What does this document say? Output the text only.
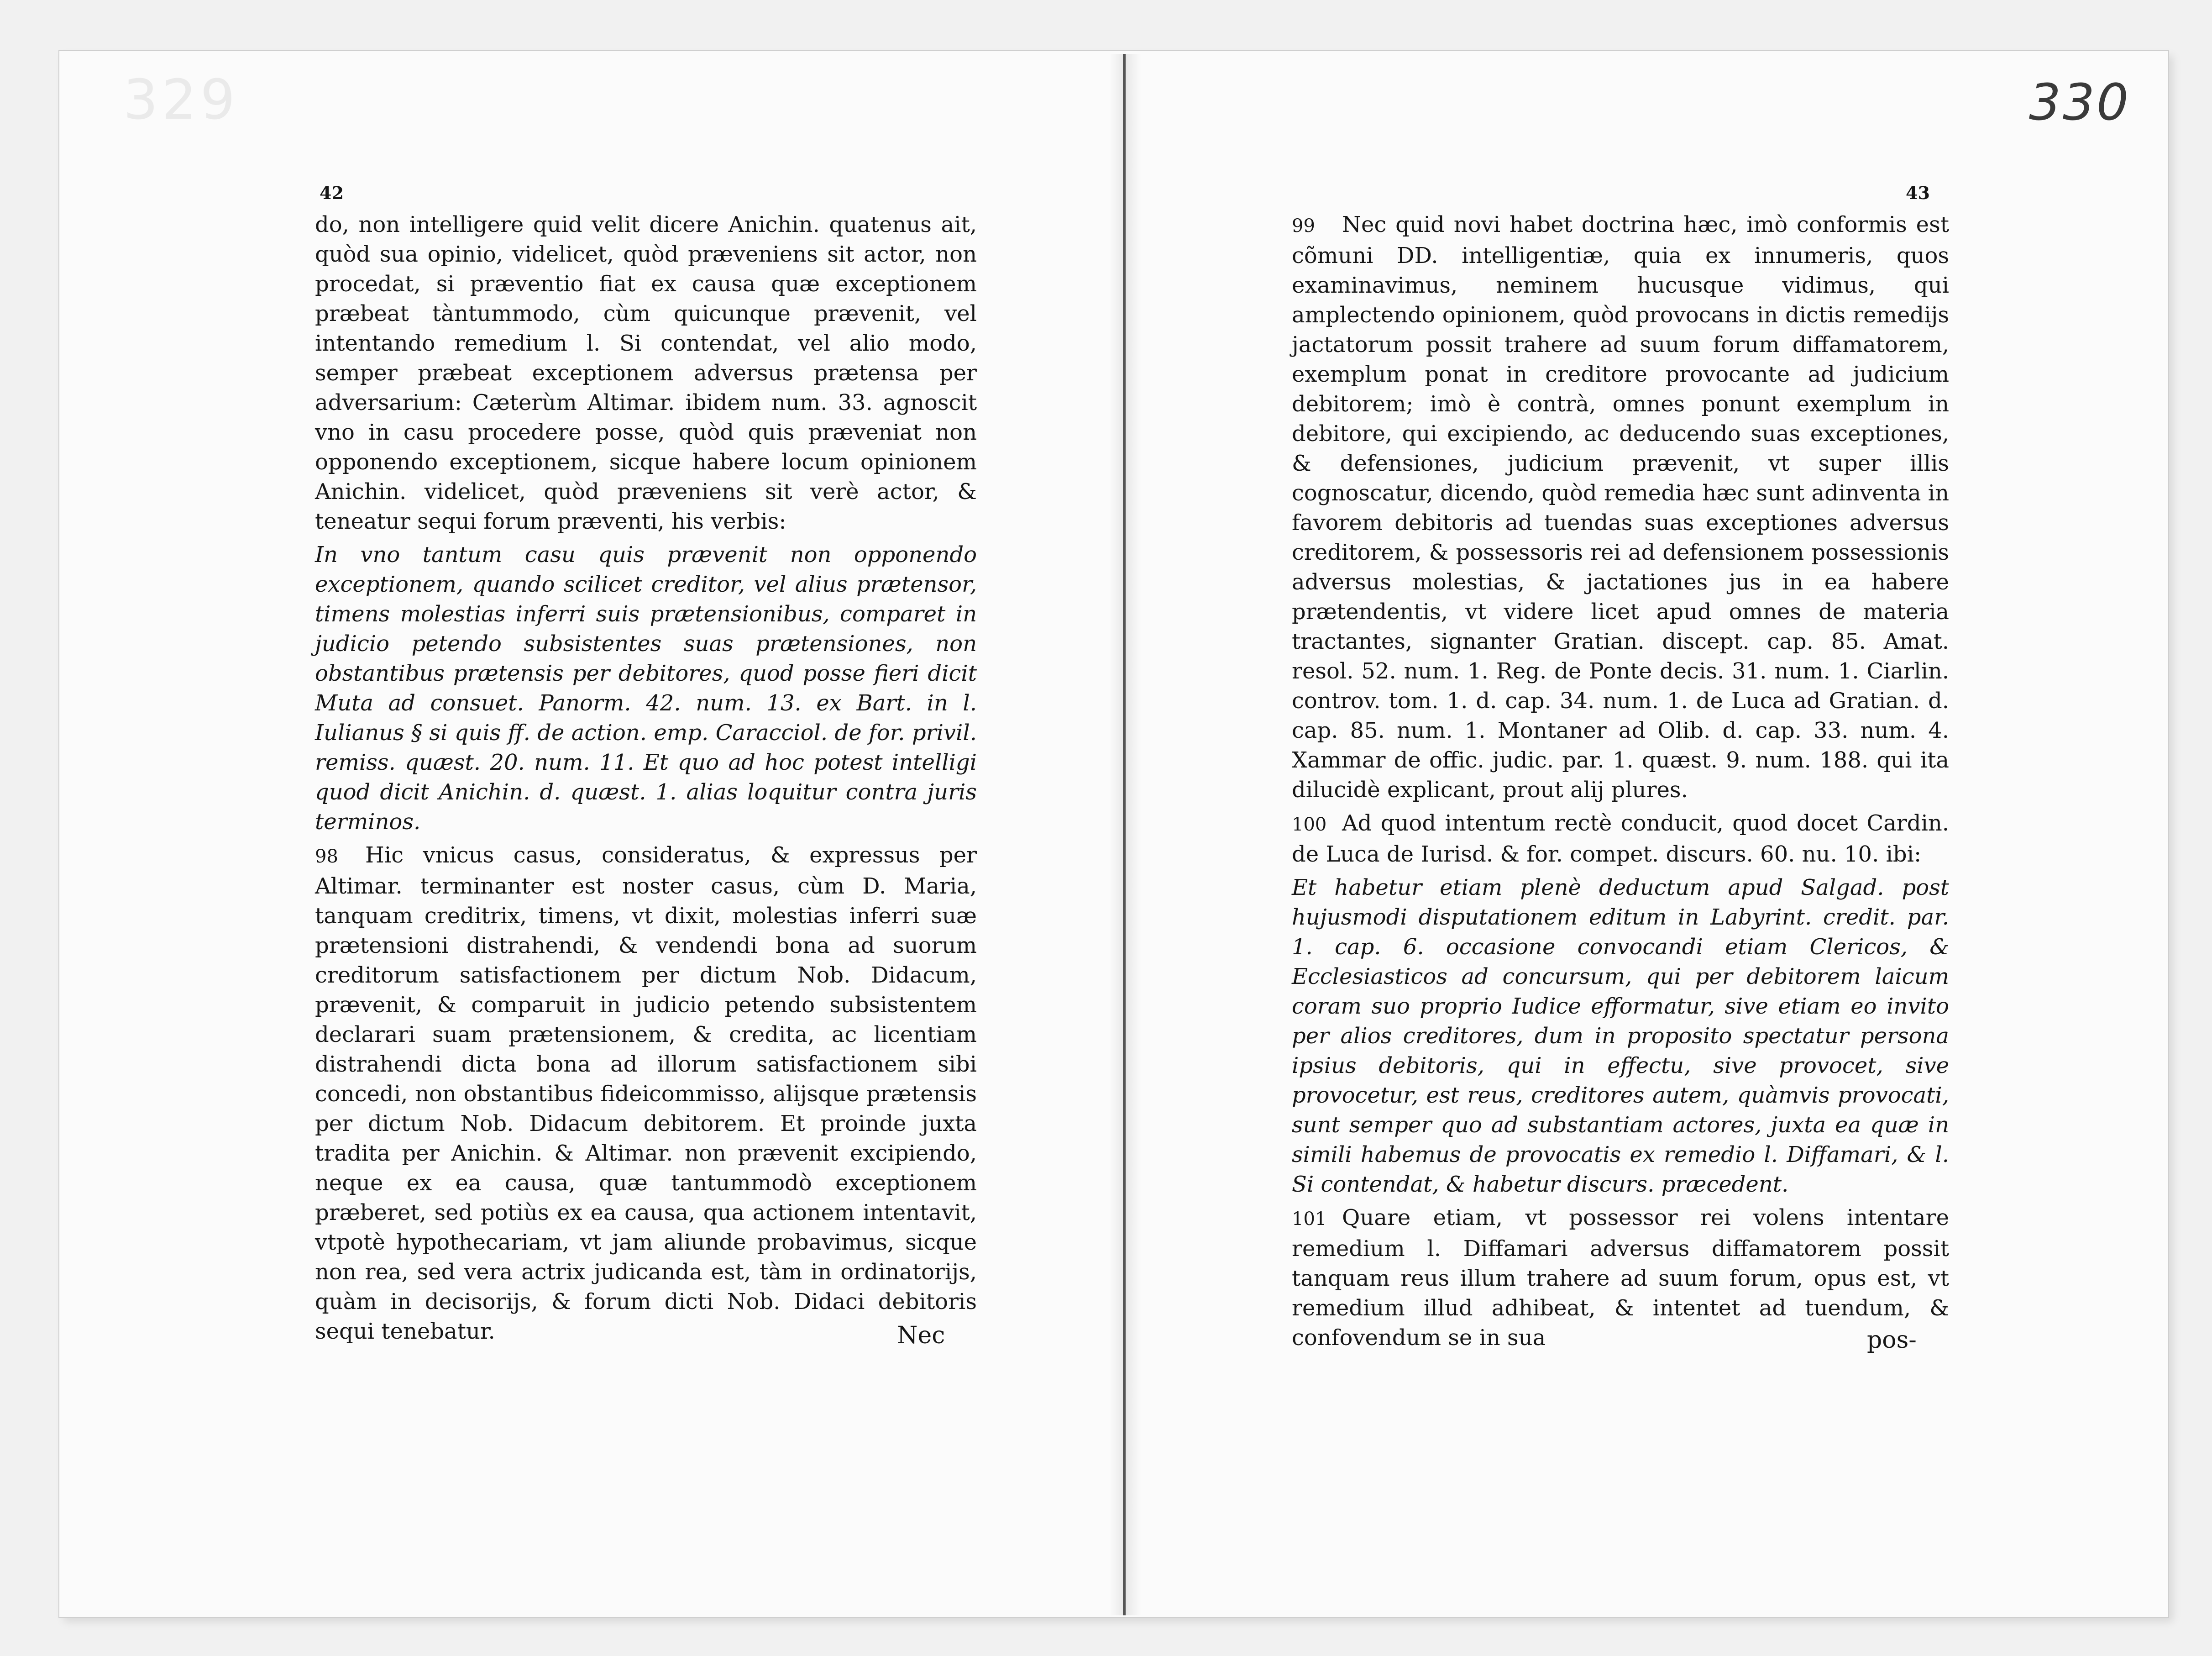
329	330
42	43

do, non intelligere quid velit dicere Anichin. quatenus ait, quòd sua opinio, videlicet, quòd præveniens sit actor, non procedat, si præventio fiat ex causa quæ exceptionem præbeat tàntummodo, cùm quicunque prævenit, vel intentando remedium l. Si contendat, vel alio modo, semper præbeat exceptionem adversus prætensa per adversarium: Cæterùm Altimar. ibidem num. 33. agnoscit vno in casu procedere posse, quòd quis præveniat non opponendo exceptionem, sicque habere locum opinionem Anichin. videlicet, quòd præveniens sit verè actor, & teneatur sequi forum præventi, his verbis:

In vno tantum casu quis prævenit non opponendo exceptionem, quando scilicet creditor, vel alius prætensor, timens molestias inferri suis prætensionibus, comparet in judicio petendo subsistentes suas prætensiones, non obstantibus prætensis per debitores, quod posse fieri dicit Muta ad consuet. Panorm. 42. num. 13. ex Bart. in l. Iulianus § si quis ff. de action. emp. Caracciol. de for. privil. remiss. quæst. 20. num. 11. Et quo ad hoc potest intelligi quod dicit Anichin. d. quæst. 1. alias loquitur contra juris terminos.

98 Hic vnicus casus, consideratus, & expressus per Altimar. terminanter est noster casus, cùm D. Maria, tanquam creditrix, timens, vt dixit, molestias inferri suæ prætensioni distrahendi, & vendendi bona ad suorum creditorum satisfactionem per dictum Nob. Didacum, prævenit, & comparuit in judicio petendo subsistentem declarari suam prætensionem, & credita, ac licentiam distrahendi dicta bona ad illorum satisfactionem sibi concedi, non obstantibus fideicommisso, alijsque prætensis per dictum Nob. Didacum debitorem. Et proinde juxta tradita per Anichin. & Altimar. non prævenit excipiendo, neque ex ea causa, quæ tantummodò exceptionem præberet, sed potiùs ex ea causa, qua actionem intentavit, vtpotè hypothecariam, vt jam aliunde probavimus, sicque non rea, sed vera actrix judicanda est, tàm in ordinatorijs, quàm in decisorijs, & forum dicti Nob. Didaci debitoris sequi tenebatur.	Nec

99 Nec quid novi habet doctrina hæc, imò conformis est cõmuni DD. intelligentiæ, quia ex innumeris, quos examinavimus, neminem hucusque vidimus, qui amplectendo opinionem, quòd provocans in dictis remedijs jactatorum possit trahere ad suum forum diffamatorem, exemplum ponat in creditore provocante ad judicium debitorem; imò è contrà, omnes ponunt exemplum in debitore, qui excipiendo, ac deducendo suas exceptiones, & defensiones, judicium prævenit, vt super illis cognoscatur, dicendo, quòd remedia hæc sunt adinventa in favorem debitoris ad tuendas suas exceptiones adversus creditorem, & possessoris rei ad defensionem possessionis adversus molestias, & jactationes jus in ea habere prætendentis, vt videre licet apud omnes de materia tractantes, signanter Gratian. discept. cap. 85. Amat. resol. 52. num. 1. Reg. de Ponte decis. 31. num. 1. Ciarlin. controv. tom. 1. d. cap. 34. num. 1. de Luca ad Gratian. d. cap. 85. num. 1. Montaner ad Olib. d. cap. 33. num. 4. Xammar de offic. judic. par. 1. quæst. 9. num. 188. qui ita dilucidè explicant, prout alij plures.

100 Ad quod intentum rectè conducit, quod docet Cardin. de Luca de Iurisd. & for. compet. discurs. 60. nu. 10. ibi:

Et habetur etiam plenè deductum apud Salgad. post hujusmodi disputationem editum in Labyrint. credit. par. 1. cap. 6. occasione convocandi etiam Clericos, & Ecclesiasticos ad concursum, qui per debitorem laicum coram suo proprio Iudice efformatur, sive etiam eo invito per alios creditores, dum in proposito spectatur persona ipsius debitoris, qui in effectu, sive provocet, sive provocetur, est reus, creditores autem, quàmvis provocati, sunt semper quo ad substantiam actores, juxta ea quæ in simili habemus de provocatis ex remedio l. Diffamari, & l. Si contendat, & habetur discurs. præcedent.

101 Quare etiam, vt possessor rei volens intentare remedium l. Diffamari adversus diffamatorem possit tanquam reus illum trahere ad suum forum, opus est, vt remedium illud adhibeat, & intentet ad tuendum, & confovendum se in sua	pos-
